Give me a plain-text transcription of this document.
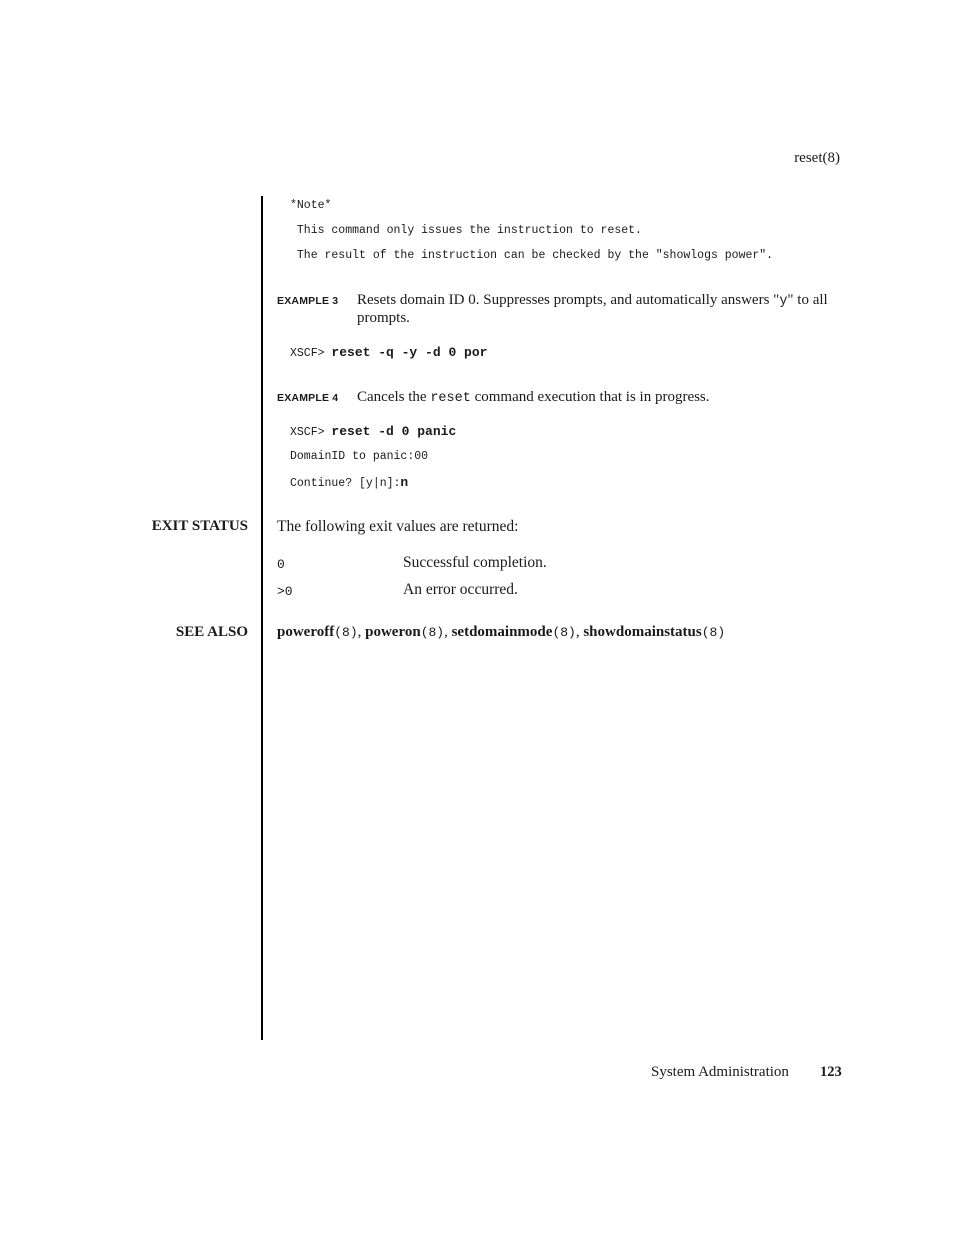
reset(8)
*Note*
This command only issues the instruction to reset.
The result of the instruction can be checked by the "showlogs power".
EXAMPLE 3 Resets domain ID 0. Suppresses prompts, and automatically answers "y" to all prompts.
XSCF> reset -q -y -d 0 por
EXAMPLE 4 Cancels the reset command execution that is in progress.
XSCF> reset -d 0 panic
DomainID to panic:00
Continue? [y|n]:n
EXIT STATUS The following exit values are returned:
0	Successful completion.
>0	An error occurred.
SEE ALSO poweroff(8), poweron(8), setdomainmode(8), showdomainstatus(8)
System Administration 123
